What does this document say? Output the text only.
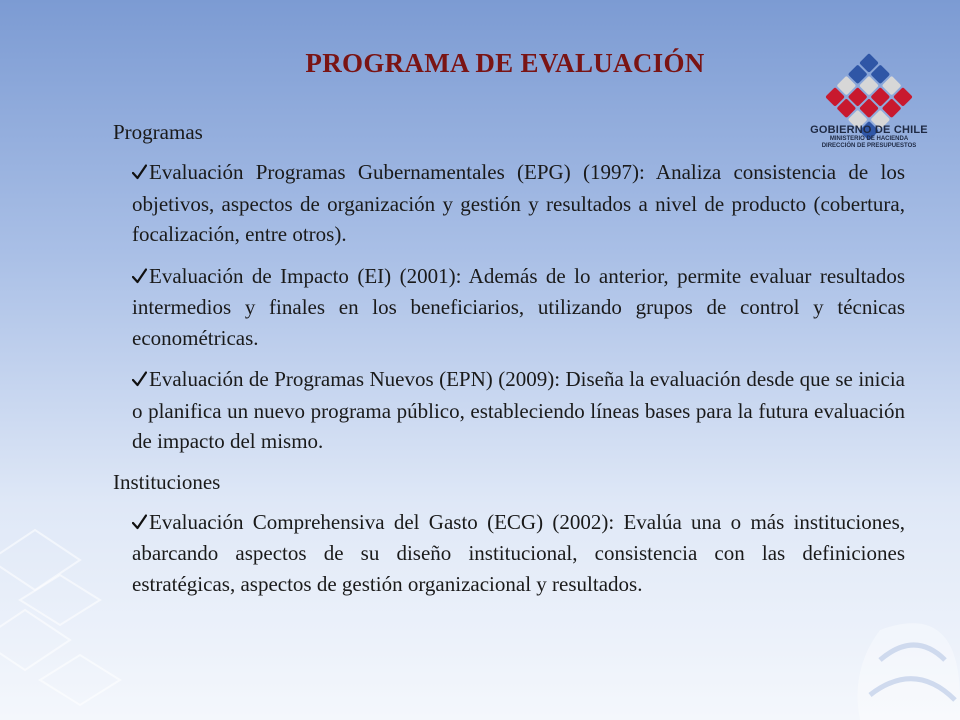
PROGRAMA DE EVALUACIÓN
GOBIERNO DE CHILE
MINISTERIO DE HACIENDA
DIRECCIÓN DE PRESUPUESTOS

Programas

Evaluación Programas Gubernamentales (EPG) (1997): Analiza consistencia de los objetivos, aspectos de organización y gestión y resultados a nivel de producto (cobertura, focalización, entre otros).

Evaluación de Impacto (EI) (2001): Además de lo anterior, permite evaluar resultados intermedios y finales en los beneficiarios, utilizando grupos de control y técnicas econométricas.

Evaluación de Programas Nuevos (EPN) (2009): Diseña la evaluación desde que se inicia o planifica un nuevo programa público, estableciendo líneas bases para la futura evaluación de impacto del mismo.

Instituciones

Evaluación Comprehensiva del Gasto (ECG) (2002): Evalúa una o más instituciones, abarcando aspectos de su diseño institucional, consistencia con las definiciones estratégicas, aspectos de gestión organizacional y resultados.
